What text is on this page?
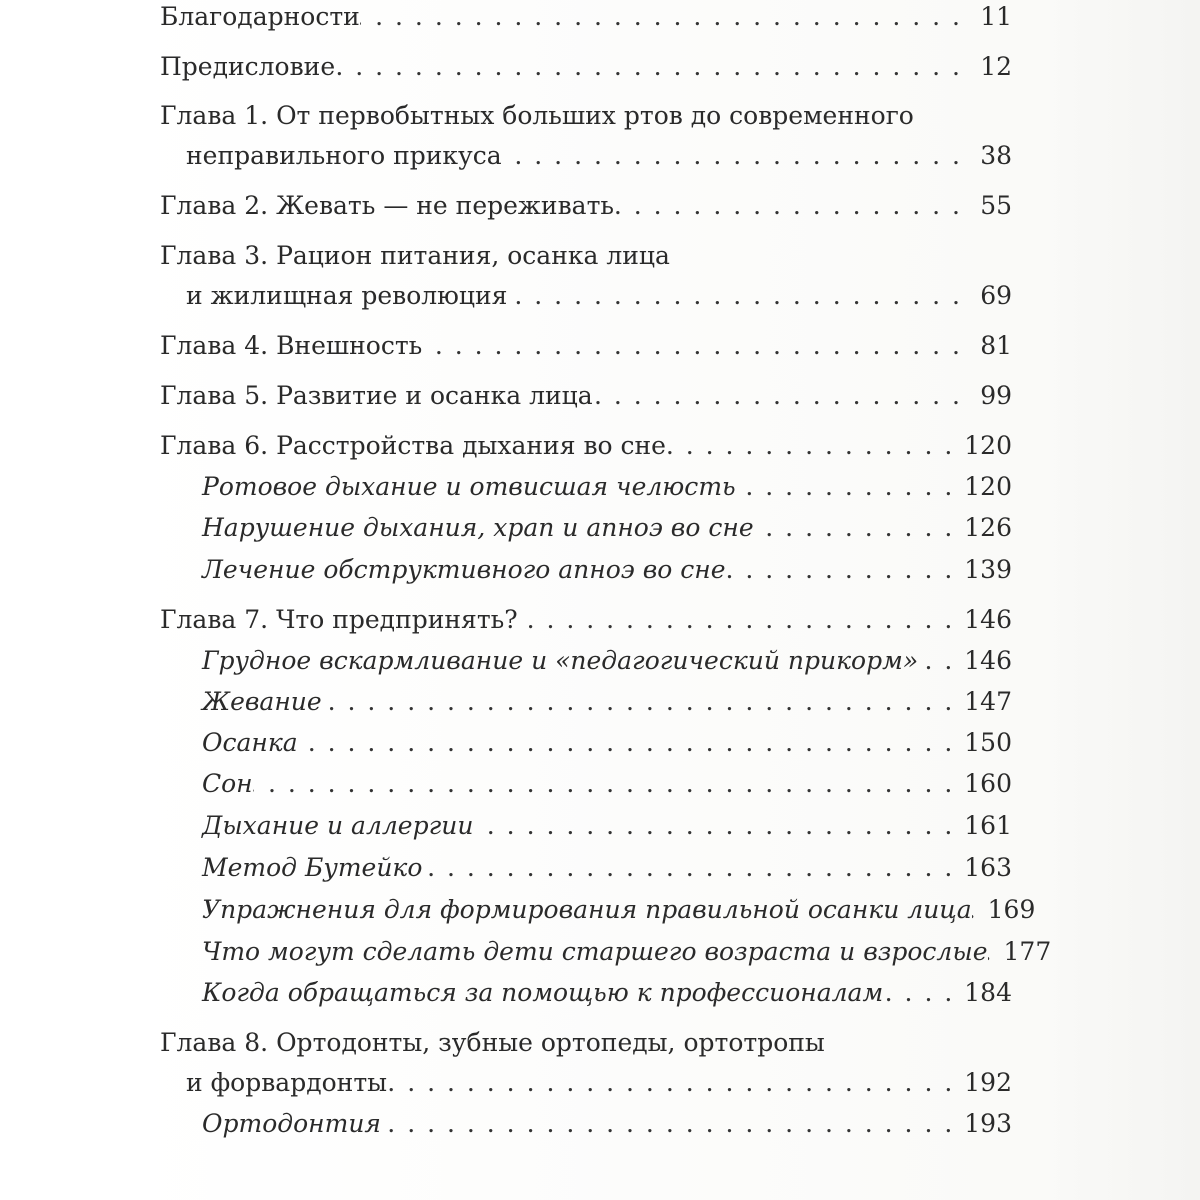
Благодарности . . .	11
Предисловие . . .	12
Глава 1. От первобытных больших ртов до современного
неправильного прикуса . . .	38
Глава 2. Жевать — не переживать . . .	55
Глава 3. Рацион питания, осанка лица
и жилищная революция . . .	69
Глава 4. Внешность . . .	81
Глава 5. Развитие и осанка лица . . .	99
Глава 6. Расстройства дыхания во сне . . .	120
Ротовое дыхание и отвисшая челюсть . . .	120
Нарушение дыхания, храп и апноэ во сне . . .	126
Лечение обструктивного апноэ во сне . . .	139
Глава 7. Что предпринять? . . .	146
Грудное вскармливание и «педагогический прикорм» . . . 146
Жевание . . .	147
Осанка . . .	150
Сон . . .	160
Дыхание и аллергии . . .	161
Метод Бутейко . . .	163
Упражнения для формирования правильной осанки лица . . . 169
Что могут сделать дети старшего возраста и взрослые . . . 177
Когда обращаться за помощью к профессионалам . . .	184
Глава 8. Ортодонты, зубные ортопеды, ортотропы
и форвардонты . . .	192
Ортодонтия . . .	193
